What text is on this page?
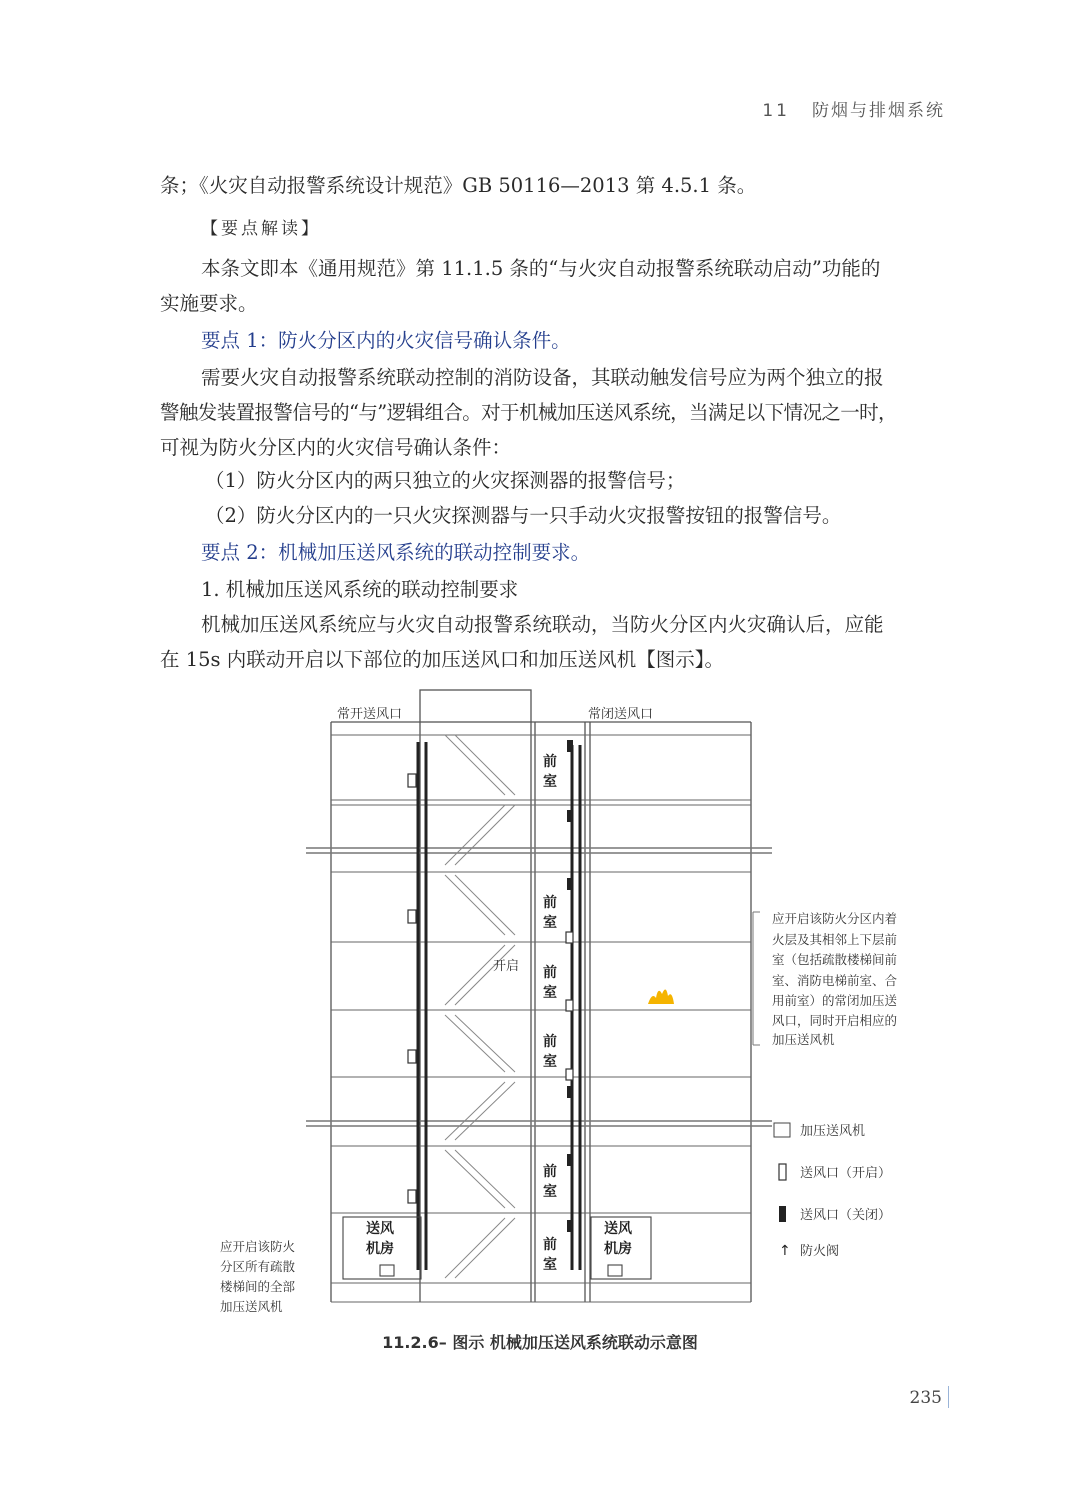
11 防烟与排烟系统
条；《火灾自动报警系统设计规范》GB 50116—2013 第 4.5.1 条。
【要点解读】
本条文即本《通用规范》第 11.1.5 条的“与火灾自动报警系统联动启动”功能的
实施要求。
要点 1：防火分区内的火灾信号确认条件。
需要火灾自动报警系统联动控制的消防设备，其联动触发信号应为两个独立的报
警触发装置报警信号的“与”逻辑组合。对于机械加压送风系统，当满足以下情况之一时，
可视为防火分区内的火灾信号确认条件：
（1）防火分区内的两只独立的火灾探测器的报警信号；
（2）防火分区内的一只火灾探测器与一只手动火灾报警按钮的报警信号。
要点 2：机械加压送风系统的联动控制要求。
1. 机械加压送风系统的联动控制要求
机械加压送风系统应与火灾自动报警系统联动，当防火分区内火灾确认后，应能
在 15s 内联动开启以下部位的加压送风口和加压送风机【图示】。
常开送风口	常闭送风口
前
室
前
室
前
室
前
室
前
室
前
室
开启
送风
机房
送风
机房
应开启该防火分区内着
火层及其相邻上下层前
室（包括疏散楼梯间前
室、消防电梯前室、合
用前室）的常闭加压送
风口，同时开启相应的
加压送风机
应开启该防火
分区所有疏散
楼梯间的全部
加压送风机
加压送风机
送风口（开启）
送风口（关闭）
↑ 防火阀
11.2.6– 图示 机械加压送风系统联动示意图
235
